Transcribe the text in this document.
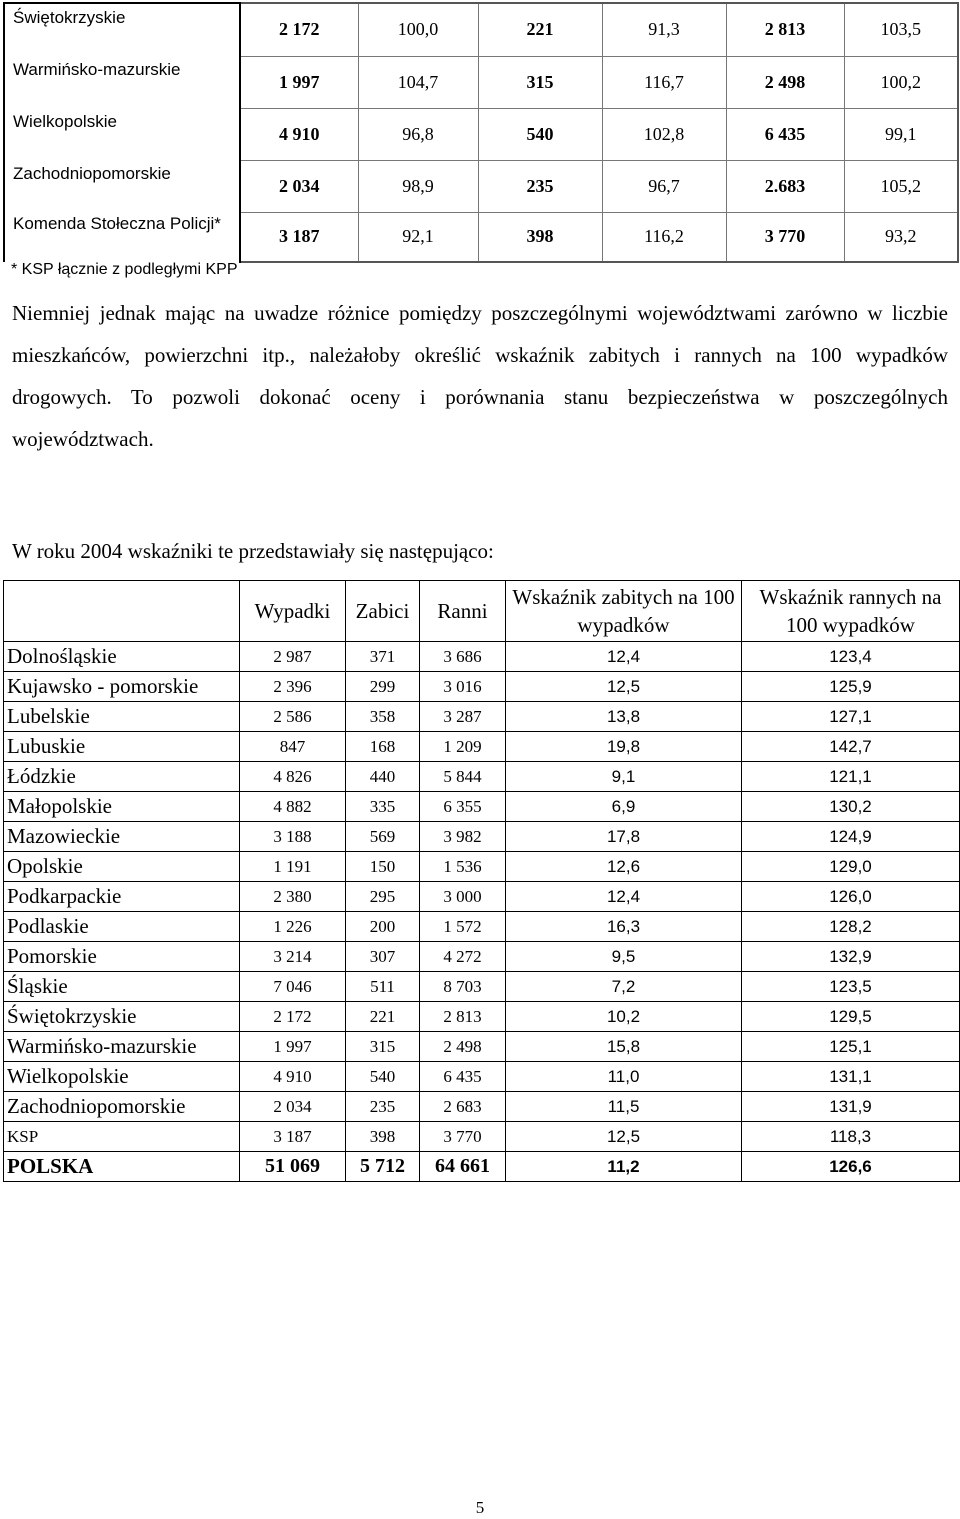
Świętokrzyskie	2 172	100,0	221	91,3	2 813	103,5
Warmińsko-mazurskie	1 997	104,7	315	116,7	2 498	100,2
Wielkopolskie	4 910	96,8	540	102,8	6 435	99,1
Zachodniopomorskie	2 034	98,9	235	96,7	2.683	105,2
Komenda Stołeczna Policji*	3 187	92,1	398	116,2	3 770	93,2
* KSP łącznie z podległymi KPP

Niemniej jednak mając na uwadze różnice pomiędzy poszczególnymi województwami zarówno w liczbie mieszkańców, powierzchni itp., należałoby określić wskaźnik zabitych i rannych na 100 wypadków drogowych. To pozwoli dokonać oceny i porównania stanu bezpieczeństwa w poszczególnych województwach.

W roku 2004 wskaźniki te przedstawiały się następująco:

	Wypadki	Zabici	Ranni	Wskaźnik zabitych na 100 wypadków	Wskaźnik rannych na 100 wypadków
Dolnośląskie	2 987	371	3 686	12,4	123,4
Kujawsko - pomorskie	2 396	299	3 016	12,5	125,9
Lubelskie	2 586	358	3 287	13,8	127,1
Lubuskie	847	168	1 209	19,8	142,7
Łódzkie	4 826	440	5 844	9,1	121,1
Małopolskie	4 882	335	6 355	6,9	130,2
Mazowieckie	3 188	569	3 982	17,8	124,9
Opolskie	1 191	150	1 536	12,6	129,0
Podkarpackie	2 380	295	3 000	12,4	126,0
Podlaskie	1 226	200	1 572	16,3	128,2
Pomorskie	3 214	307	4 272	9,5	132,9
Śląskie	7 046	511	8 703	7,2	123,5
Świętokrzyskie	2 172	221	2 813	10,2	129,5
Warmińsko-mazurskie	1 997	315	2 498	15,8	125,1
Wielkopolskie	4 910	540	6 435	11,0	131,1
Zachodniopomorskie	2 034	235	2 683	11,5	131,9
KSP	3 187	398	3 770	12,5	118,3
POLSKA	51 069	5 712	64 661	11,2	126,6
5
